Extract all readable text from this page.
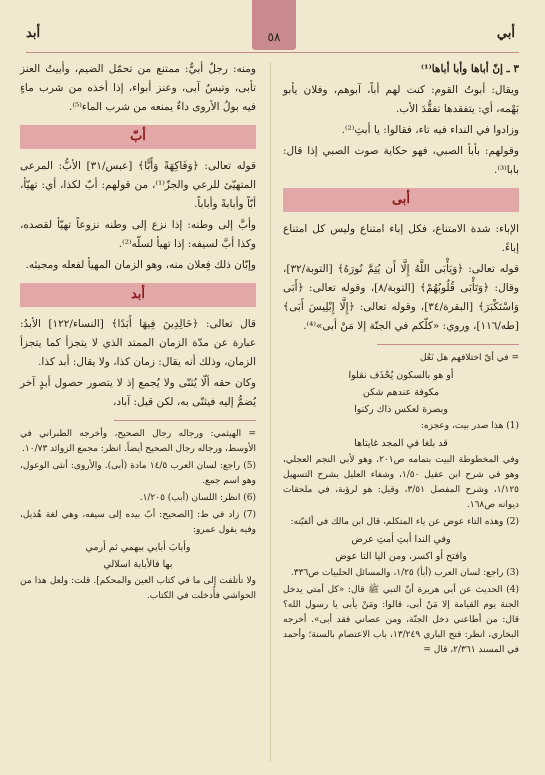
أبي
٥٨
أبد

٣ ـ إنّ أباها وأبا أباها⁽¹⁾

ويقال: أبوتُ القوم: كنت لهم أباً، آبوهم، وفلان يأبو بَهْمه، أي: يتفقدها تفقُّدَ الأب.

وزادوا في النداء فيه تاء، فقالوا: يا أبتِ⁽²⁾.

وقولهم: بأبأ الصبي، فهو حكاية صوت الصبي إذا قال: بابا⁽³⁾.

أبى

الإباء: شدة الامتناع، فكل إباء امتناع وليس كل امتناع إباءً.

قوله تعالى: ﴿وَيَأْبَى اللَّهُ إِلَّا أَن يُتِمَّ نُورَهُ﴾ [التوبة/٣٢]، وقال: ﴿وَتَأْبَى قُلُوبُهُمْ﴾ [التوبة/٨]، وقوله تعالى: ﴿أَبَى وَاسْتَكْبَرَ﴾ [البقرة/٣٤]، وقوله تعالى: ﴿إِلَّا إِبْلِيسَ أَبَى﴾ [طه/١١٦]، وروي: «كلّكم في الجنّة إلا مَنْ أبى»⁽⁴⁾.

= في أيّ اختلافهم هل نَعُل

أو هو بالسكون يُحْذَف نقلوا

مكوفة عندهم شكن

وبصرة لعكس ذاك ركنوا

(1) هذا صدر بيت، وعجزه:

قد بلغا في المجد غايتاها

وفي المخطوطة البيت بتمامه ص٢٠١، وهو لأبي النجم العجلي، وهو في شرح ابن عقيل ١/٥٠، وشفاء العليل بشرح التسهيل ١/١٢٥، وشرح المفصل ٣/٥١، وقيل: هو لرؤبة، في ملحقات ديوانه ص١٦٨.

(2) وهذه التاء عوض عن ياء المتكلم، قال ابن مالك في ألفيّته:

وفي الندا أبتِ أمتِ عرض

وافتح أو اكسر، ومن اليا التا عوض

(3) راجع: لسان العرب (أبأ) ١/٢٥، والمسائل الحلبيات ص٣٣٦.

(4) الحديث عن أبي هريرة أنّ النبي ﷺ قال: «كل أمتي يدخل الجنة يوم القيامة إلا مَنْ أبى، قالوا: ومَنْ يأبى يا رسول الله؟ قال: من أطاعني دخل الجنّة، ومن عصاني فقد أبى». أخرجه البخاري، انظر: فتح الباري ١٣/٢٤٩، باب الاعتصام بالسنة؛ وأحمد في المسند ٢/٣٦١، قال =

ومنه: رجلٌ أبيٌّ: ممتنع من تحمّل الضيم، وأبيتُ العنز تأبى، وتيسٌ آبى، وعنز أبواء، إذا أخذه من شرب ماءٍ فيه بولُ الأروى داءٌ يمنعه من شرب الماء⁽⁵⁾.

أبّ

قوله تعالى: ﴿وَفَاكِهَةً وَأَبًّا﴾ [عبس/٣١] الأبُّ: المرعى المتهيّئ للرعي والجزّ⁽¹⁾، من قولهم: أبّ لكذا، أي: تهيّأ، أبّاً وأبابةً وأباباً.

وأبَّ إلى وطنه: إذا نزع إلى وطنه نزوعاً تهيّأ لقصده، وكذا أبَّ لسيفه: إذا تهيأ لسلّه⁽²⁾.

وإبّان ذلك فِعلان منه، وهو الزمان المهيأ لفعله ومجيئه.

أبد

قال تعالى: ﴿خَالِدِينَ فِيهَا أَبَدًا﴾ [النساء/١٢٢] الأبدُ: عبارة عن مدّة الزمان الممتد الذي لا يتجزأ كما يتجزأ الزمان، وذلك أنه يقال: زمان كذا، ولا يقال: أبد كذا.

وكان حقه ألّا يُثنّى ولا يُجمع إذ لا يتصور حصول أبدٍ آخر يُضمُّ إليه فيثنّى به، لكن قيل: آباد،

= الهيثمي: ورجاله رجال الصحيح، وأخرجه الطبراني في الأوسط، ورجاله رجال الصحيح أيضاً. انظر: مجمع الزوائد ١٠/٧٣.

(5) راجع: لسان العرب ١٤/٥ مادة (أبى). والأروى: أنثى الوعول، وهو اسم جمع.

(6) انظر: اللسان (أبب) ١/٢٠٥.

(7) زاد في ط: [الصحيح: أبّ بيده إلى سيفه، وهي لغة هُذيل، وفيه يقول عمرو:

وأبابَ أبابي ببهمي ثم أرمي

بها فالأبابة اسلالي

ولا تأتلفت إلى ما في كتاب العين والمحكم]. قلت: ولعل هذا من الحواشي فأُدخلت في الكتاب.
